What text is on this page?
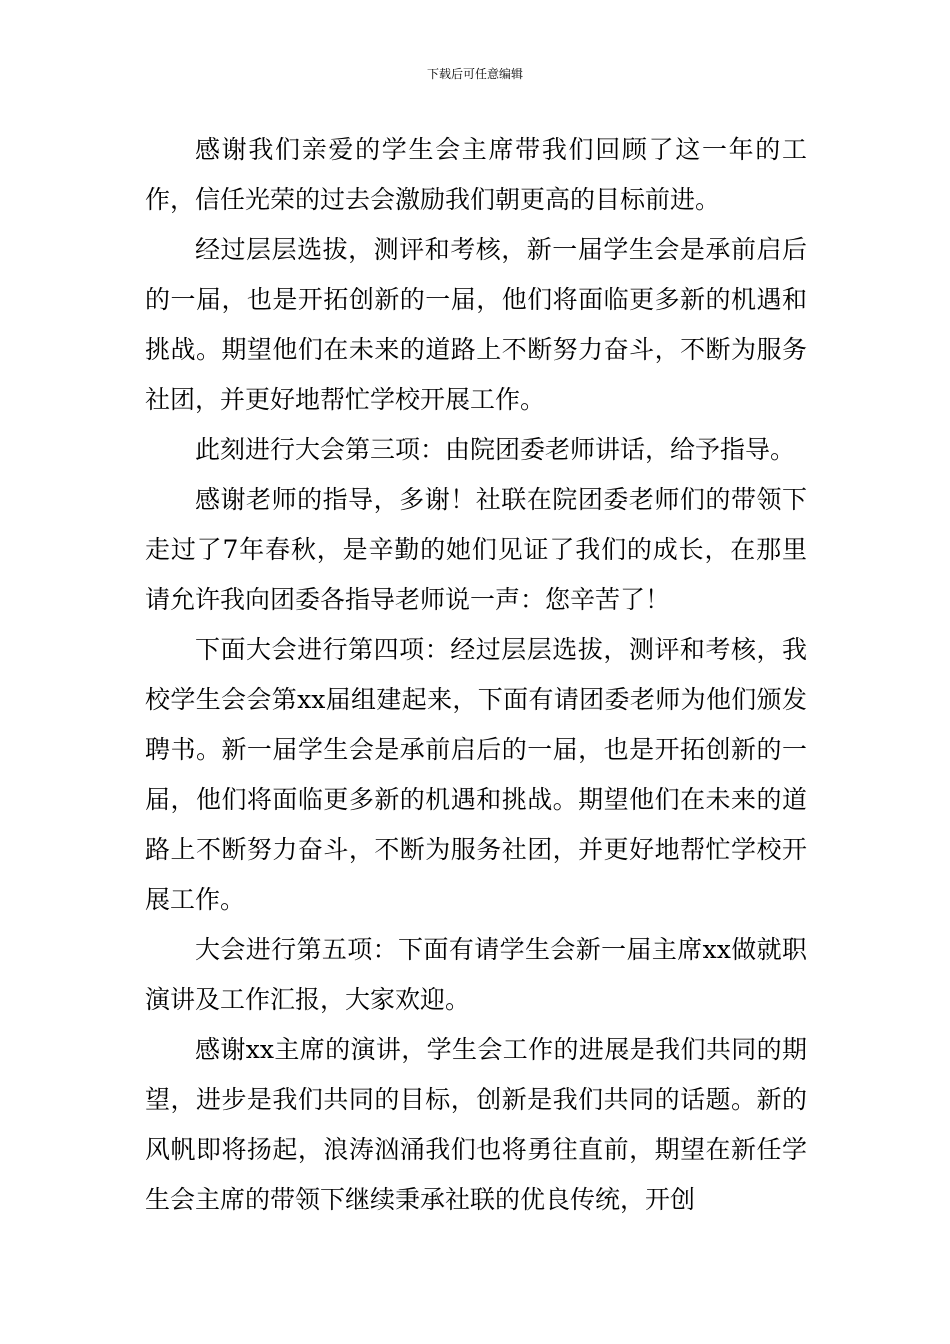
下载后可任意编辑

感谢我们亲爱的学生会主席带我们回顾了这一年的工作，信任光荣的过去会激励我们朝更高的目标前进。

经过层层选拔，测评和考核，新一届学生会是承前启后的一届，也是开拓创新的一届，他们将面临更多新的机遇和挑战。期望他们在未来的道路上不断努力奋斗，不断为服务社团，并更好地帮忙学校开展工作。

此刻进行大会第三项：由院团委老师讲话，给予指导。

感谢老师的指导，多谢！社联在院团委老师们的带领下走过了7年春秋，是辛勤的她们见证了我们的成长，在那里请允许我向团委各指导老师说一声：您辛苦了！

下面大会进行第四项：经过层层选拔，测评和考核，我校学生会会第xx届组建起来，下面有请团委老师为他们颁发聘书。新一届学生会是承前启后的一届，也是开拓创新的一届，他们将面临更多新的机遇和挑战。期望他们在未来的道路上不断努力奋斗，不断为服务社团，并更好地帮忙学校开展工作。

大会进行第五项：下面有请学生会新一届主席xx做就职演讲及工作汇报，大家欢迎。

感谢xx主席的演讲，学生会工作的进展是我们共同的期望，进步是我们共同的目标，创新是我们共同的话题。新的风帆即将扬起，浪涛汹涌我们也将勇往直前，期望在新任学生会主席的带领下继续秉承社联的优良传统，开创
